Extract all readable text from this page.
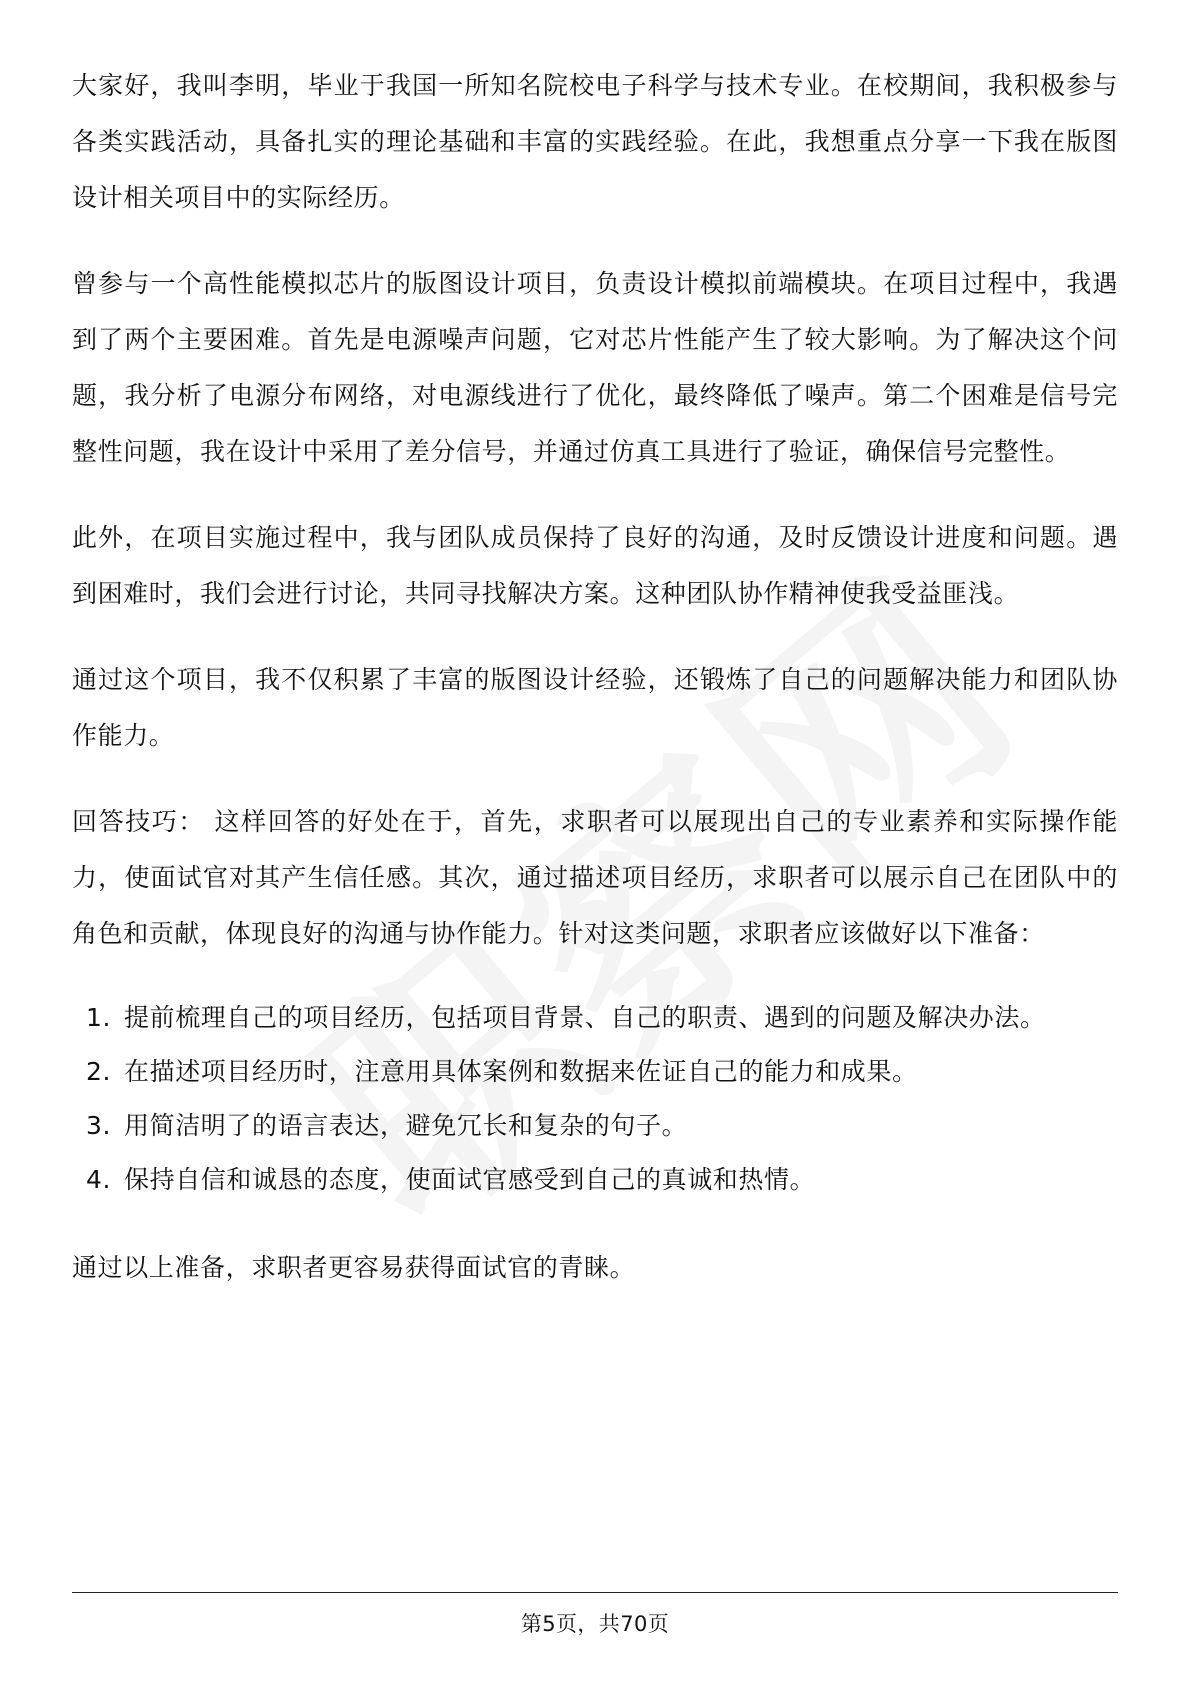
大家好，我叫李明，毕业于我国一所知名院校电子科学与技术专业。在校期间，我积极参与各类实践活动，具备扎实的理论基础和丰富的实践经验。在此，我想重点分享一下我在版图设计相关项目中的实际经历。

曾参与一个高性能模拟芯片的版图设计项目，负责设计模拟前端模块。在项目过程中，我遇到了两个主要困难。首先是电源噪声问题，它对芯片性能产生了较大影响。为了解决这个问题，我分析了电源分布网络，对电源线进行了优化，最终降低了噪声。第二个困难是信号完整性问题，我在设计中采用了差分信号，并通过仿真工具进行了验证，确保信号完整性。

此外，在项目实施过程中，我与团队成员保持了良好的沟通，及时反馈设计进度和问题。遇到困难时，我们会进行讨论，共同寻找解决方案。这种团队协作精神使我受益匪浅。

通过这个项目，我不仅积累了丰富的版图设计经验，还锻炼了自己的问题解决能力和团队协作能力。

回答技巧： 这样回答的好处在于，首先，求职者可以展现出自己的专业素养和实际操作能力，使面试官对其产生信任感。其次，通过描述项目经历，求职者可以展示自己在团队中的角色和贡献，体现良好的沟通与协作能力。针对这类问题，求职者应该做好以下准备：

1. 提前梳理自己的项目经历，包括项目背景、自己的职责、遇到的问题及解决办法。
2. 在描述项目经历时，注意用具体案例和数据来佐证自己的能力和成果。
3. 用简洁明了的语言表达，避免冗长和复杂的句子。
4. 保持自信和诚恳的态度，使面试官感受到自己的真诚和热情。

通过以上准备，求职者更容易获得面试官的青睐。

第5页，共70页
